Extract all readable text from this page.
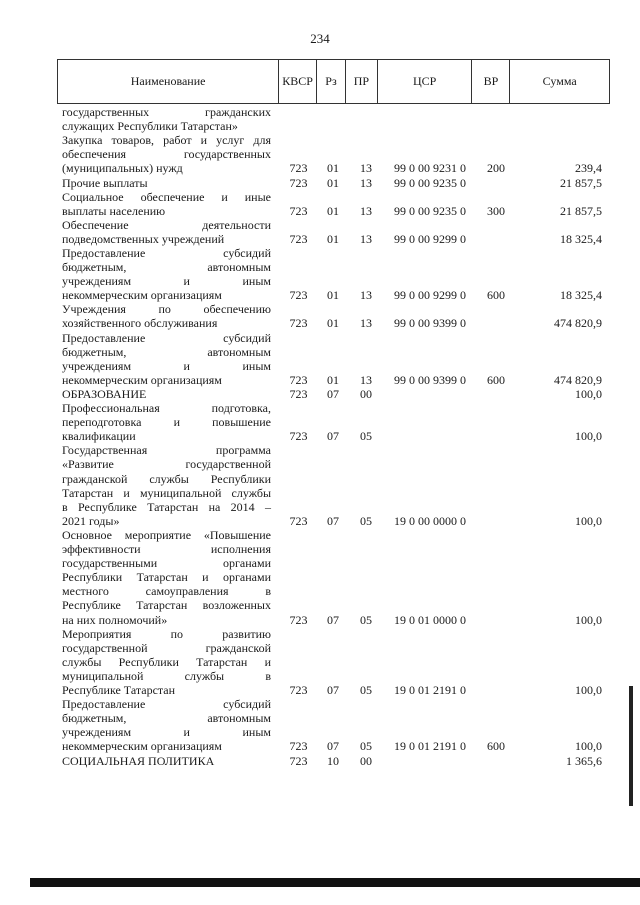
234
Наименование	КВСР	Рз	ПР	ЦСР	ВР	Сумма
государственных гражданских
служащих Республики Татарстан»
Закупка товаров, работ и услуг для
обеспечения государственных
(муниципальных) нужд	723	01	13	99 0 00 9231 0	200	239,4
Прочие выплаты	723	01	13	99 0 00 9235 0	21 857,5
Социальное обеспечение и иные
выплаты населению	723	01	13	99 0 00 9235 0	300	21 857,5
Обеспечение деятельности
подведомственных учреждений	723	01	13	99 0 00 9299 0	18 325,4
Предоставление субсидий
бюджетным, автономным
учреждениям и иным
некоммерческим организациям	723	01	13	99 0 00 9299 0	600	18 325,4
Учреждения по обеспечению
хозяйственного обслуживания	723	01	13	99 0 00 9399 0	474 820,9
Предоставление субсидий
бюджетным, автономным
учреждениям и иным
некоммерческим организациям	723	01	13	99 0 00 9399 0	600	474 820,9
ОБРАЗОВАНИЕ	723	07	00	100,0
Профессиональная подготовка,
переподготовка и повышение
квалификации	723	07	05	100,0
Государственная программа
«Развитие государственной
гражданской службы Республики
Татарстан и муниципальной службы
в Республике Татарстан на 2014 –
2021 годы»	723	07	05	19 0 00 0000 0	100,0
Основное мероприятие «Повышение
эффективности исполнения
государственными органами
Республики Татарстан и органами
местного самоуправления в
Республике Татарстан возложенных
на них полномочий»	723	07	05	19 0 01 0000 0	100,0
Мероприятия по развитию
государственной гражданской
службы Республики Татарстан и
муниципальной службы в
Республике Татарстан	723	07	05	19 0 01 2191 0	100,0
Предоставление субсидий
бюджетным, автономным
учреждениям и иным
некоммерческим организациям	723	07	05	19 0 01 2191 0	600	100,0
СОЦИАЛЬНАЯ ПОЛИТИКА	723	10	00	1 365,6
